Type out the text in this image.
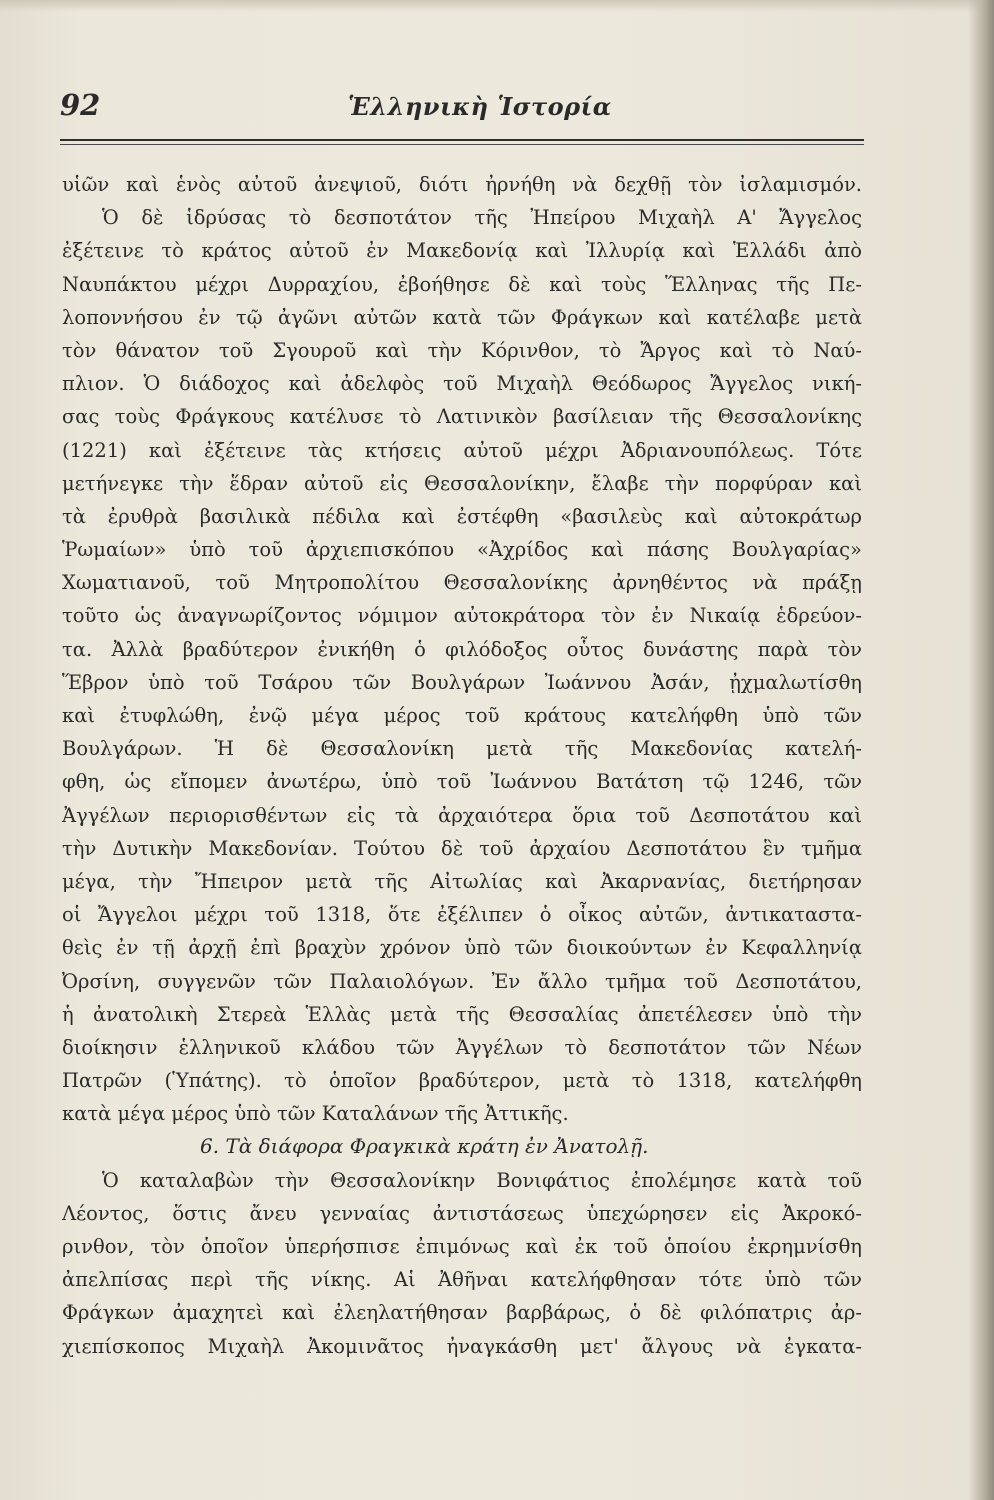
92	Ἑλληνικὴ Ἱστορία
υἱῶν καὶ ἑνὸς αὐτοῦ ἀνεψιοῦ, διότι ἠρνήθη νὰ δεχθῇ τὸν ἰσλαμισμόν.
Ὁ δὲ ἱδρύσας τὸ δεσποτάτον τῆς Ἠπείρου Μιχαὴλ Α' Ἄγγελος
ἐξέτεινε τὸ κράτος αὐτοῦ ἐν Μακεδονίᾳ καὶ Ἰλλυρίᾳ καὶ Ἑλλάδι ἀπὸ
Ναυπάκτου μέχρι Δυρραχίου, ἐβοήθησε δὲ καὶ τοὺς Ἕλληνας τῆς Πε-
λοποννήσου ἐν τῷ ἀγῶνι αὐτῶν κατὰ τῶν Φράγκων καὶ κατέλαβε μετὰ
τὸν θάνατον τοῦ Σγουροῦ καὶ τὴν Κόρινθον, τὸ Ἄργος καὶ τὸ Ναύ-
πλιον. Ὁ διάδοχος καὶ ἀδελφὸς τοῦ Μιχαὴλ Θεόδωρος Ἄγγελος νική-
σας τοὺς Φράγκους κατέλυσε τὸ Λατινικὸν βασίλειαν τῆς Θεσσαλονίκης
(1221) καὶ ἐξέτεινε τὰς κτήσεις αὐτοῦ μέχρι Ἀδριανουπόλεως. Τότε
μετήνεγκε τὴν ἕδραν αὐτοῦ εἰς Θεσσαλονίκην, ἔλαβε τὴν πορφύραν καὶ
τὰ ἐρυθρὰ βασιλικὰ πέδιλα καὶ ἐστέφθη «βασιλεὺς καὶ αὐτοκράτωρ
Ῥωμαίων» ὑπὸ τοῦ ἀρχιεπισκόπου «Ἀχρίδος καὶ πάσης Βουλγαρίας»
Χωματιανοῦ, τοῦ Μητροπολίτου Θεσσαλονίκης ἀρνηθέντος νὰ πράξῃ
τοῦτο ὡς ἀναγνωρίζοντος νόμιμον αὐτοκράτορα τὸν ἐν Νικαίᾳ ἑδρεύον-
τα. Ἀλλὰ βραδύτερον ἐνικήθη ὁ φιλόδοξος οὗτος δυνάστης παρὰ τὸν
Ἕβρον ὑπὸ τοῦ Τσάρου τῶν Βουλγάρων Ἰωάννου Ἀσάν, ᾐχμαλωτίσθη
καὶ ἐτυφλώθη, ἐνῷ μέγα μέρος τοῦ κράτους κατελήφθη ὑπὸ τῶν
Βουλγάρων. Ἡ δὲ Θεσσαλονίκη μετὰ τῆς Μακεδονίας κατελή-
φθη, ὡς εἴπομεν ἀνωτέρω, ὑπὸ τοῦ Ἰωάννου Βατάτση τῷ 1246, τῶν
Ἀγγέλων περιορισθέντων εἰς τὰ ἀρχαιότερα ὅρια τοῦ Δεσποτάτου καὶ
τὴν Δυτικὴν Μακεδονίαν. Τούτου δὲ τοῦ ἀρχαίου Δεσποτάτου ἓν τμῆμα
μέγα, τὴν Ἤπειρον μετὰ τῆς Αἰτωλίας καὶ Ἀκαρνανίας, διετήρησαν
οἱ Ἄγγελοι μέχρι τοῦ 1318, ὅτε ἐξέλιπεν ὁ οἶκος αὐτῶν, ἀντικαταστα-
θεὶς ἐν τῇ ἀρχῇ ἐπὶ βραχὺν χρόνον ὑπὸ τῶν διοικούντων ἐν Κεφαλληνίᾳ
Ὀρσίνη, συγγενῶν τῶν Παλαιολόγων. Ἐν ἄλλο τμῆμα τοῦ Δεσποτάτου,
ἡ ἀνατολικὴ Στερεὰ Ἑλλὰς μετὰ τῆς Θεσσαλίας ἀπετέλεσεν ὑπὸ τὴν
διοίκησιν ἑλληνικοῦ κλάδου τῶν Ἀγγέλων τὸ δεσποτάτον τῶν Νέων
Πατρῶν (Ὑπάτης). τὸ ὁποῖον βραδύτερον, μετὰ τὸ 1318, κατελήφθη
κατὰ μέγα μέρος ὑπὸ τῶν Καταλάνων τῆς Ἀττικῆς.
6. Τὰ διάφορα Φραγκικὰ κράτη ἐν Ἀνατολῇ.
Ὁ καταλαβὼν τὴν Θεσσαλονίκην Βονιφάτιος ἐπολέμησε κατὰ τοῦ
Λέοντος, ὅστις ἄνευ γενναίας ἀντιστάσεως ὑπεχώρησεν εἰς Ἀκροκό-
ρινθον, τὸν ὁποῖον ὑπερήσπισε ἐπιμόνως καὶ ἐκ τοῦ ὁποίου ἐκρημνίσθη
ἀπελπίσας περὶ τῆς νίκης. Αἱ Ἀθῆναι κατελήφθησαν τότε ὑπὸ τῶν
Φράγκων ἀμαχητεὶ καὶ ἐλεηλατήθησαν βαρβάρως, ὁ δὲ φιλόπατρις ἀρ-
χιεπίσκοπος Μιχαὴλ Ἀκομινᾶτος ἠναγκάσθη μετ' ἄλγους νὰ ἐγκατα-
